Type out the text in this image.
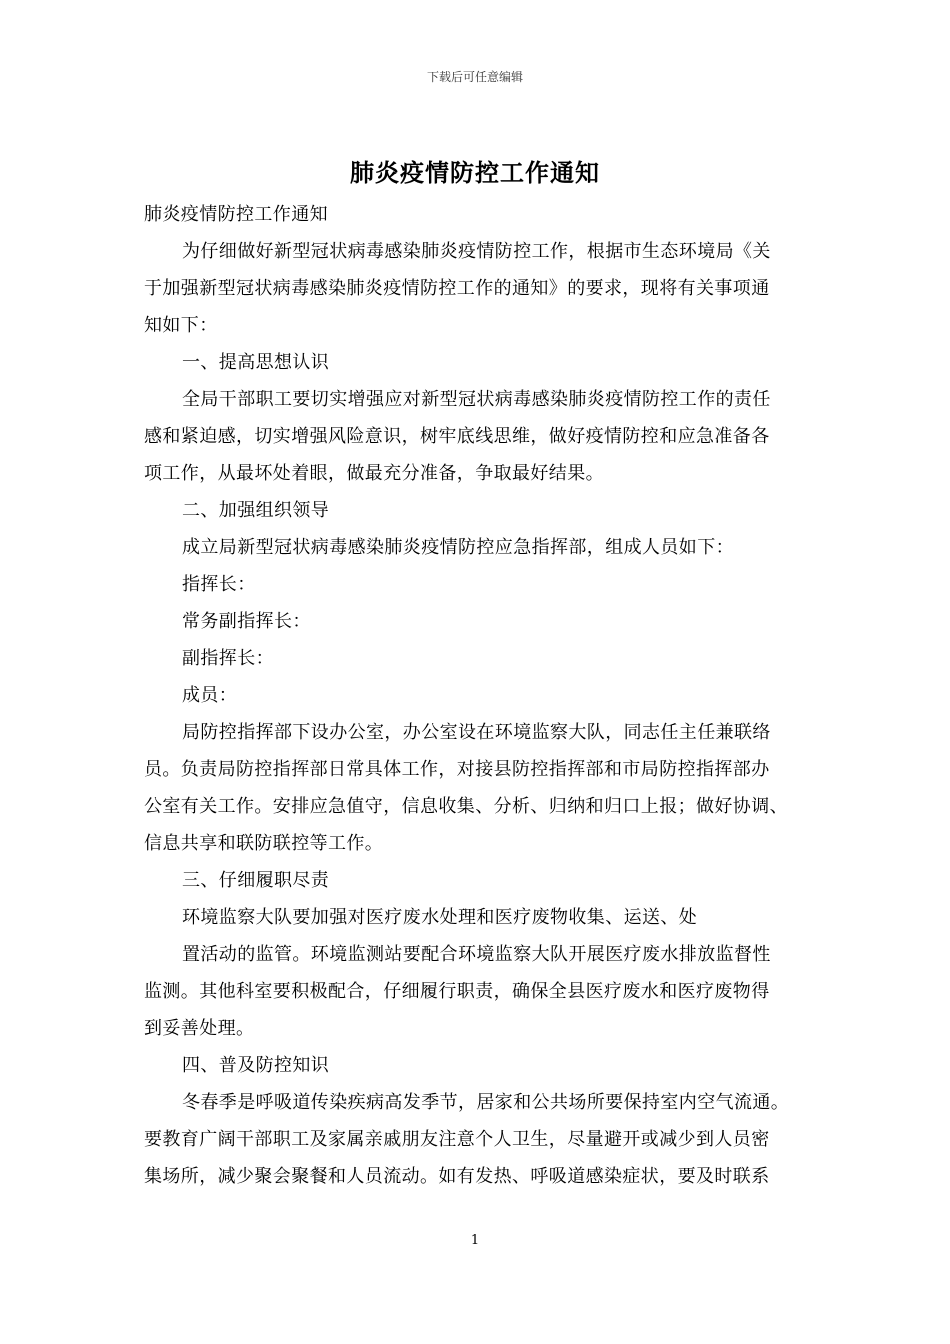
下载后可任意编辑
肺炎疫情防控工作通知

肺炎疫情防控工作通知

为仔细做好新型冠状病毒感染肺炎疫情防控工作，根据市生态环境局《关

于加强新型冠状病毒感染肺炎疫情防控工作的通知》的要求，现将有关事项通

知如下：

一、提高思想认识

全局干部职工要切实增强应对新型冠状病毒感染肺炎疫情防控工作的责任

感和紧迫感，切实增强风险意识，树牢底线思维，做好疫情防控和应急准备各

项工作，从最坏处着眼，做最充分准备，争取最好结果。

二、加强组织领导

成立局新型冠状病毒感染肺炎疫情防控应急指挥部，组成人员如下：

指挥长：

常务副指挥长：

副指挥长：

成员：

局防控指挥部下设办公室，办公室设在环境监察大队，同志任主任兼联络

员。负责局防控指挥部日常具体工作，对接县防控指挥部和市局防控指挥部办

公室有关工作。安排应急值守，信息收集、分析、归纳和归口上报；做好协调、

信息共享和联防联控等工作。

三、仔细履职尽责

环境监察大队要加强对医疗废水处理和医疗废物收集、运送、处

置活动的监管。环境监测站要配合环境监察大队开展医疗废水排放监督性

监测。其他科室要积极配合，仔细履行职责，确保全县医疗废水和医疗废物得

到妥善处理。

四、普及防控知识

冬春季是呼吸道传染疾病高发季节，居家和公共场所要保持室内空气流通。

要教育广阔干部职工及家属亲戚朋友注意个人卫生，尽量避开或减少到人员密

集场所，减少聚会聚餐和人员流动。如有发热、呼吸道感染症状，要及时联系

1
